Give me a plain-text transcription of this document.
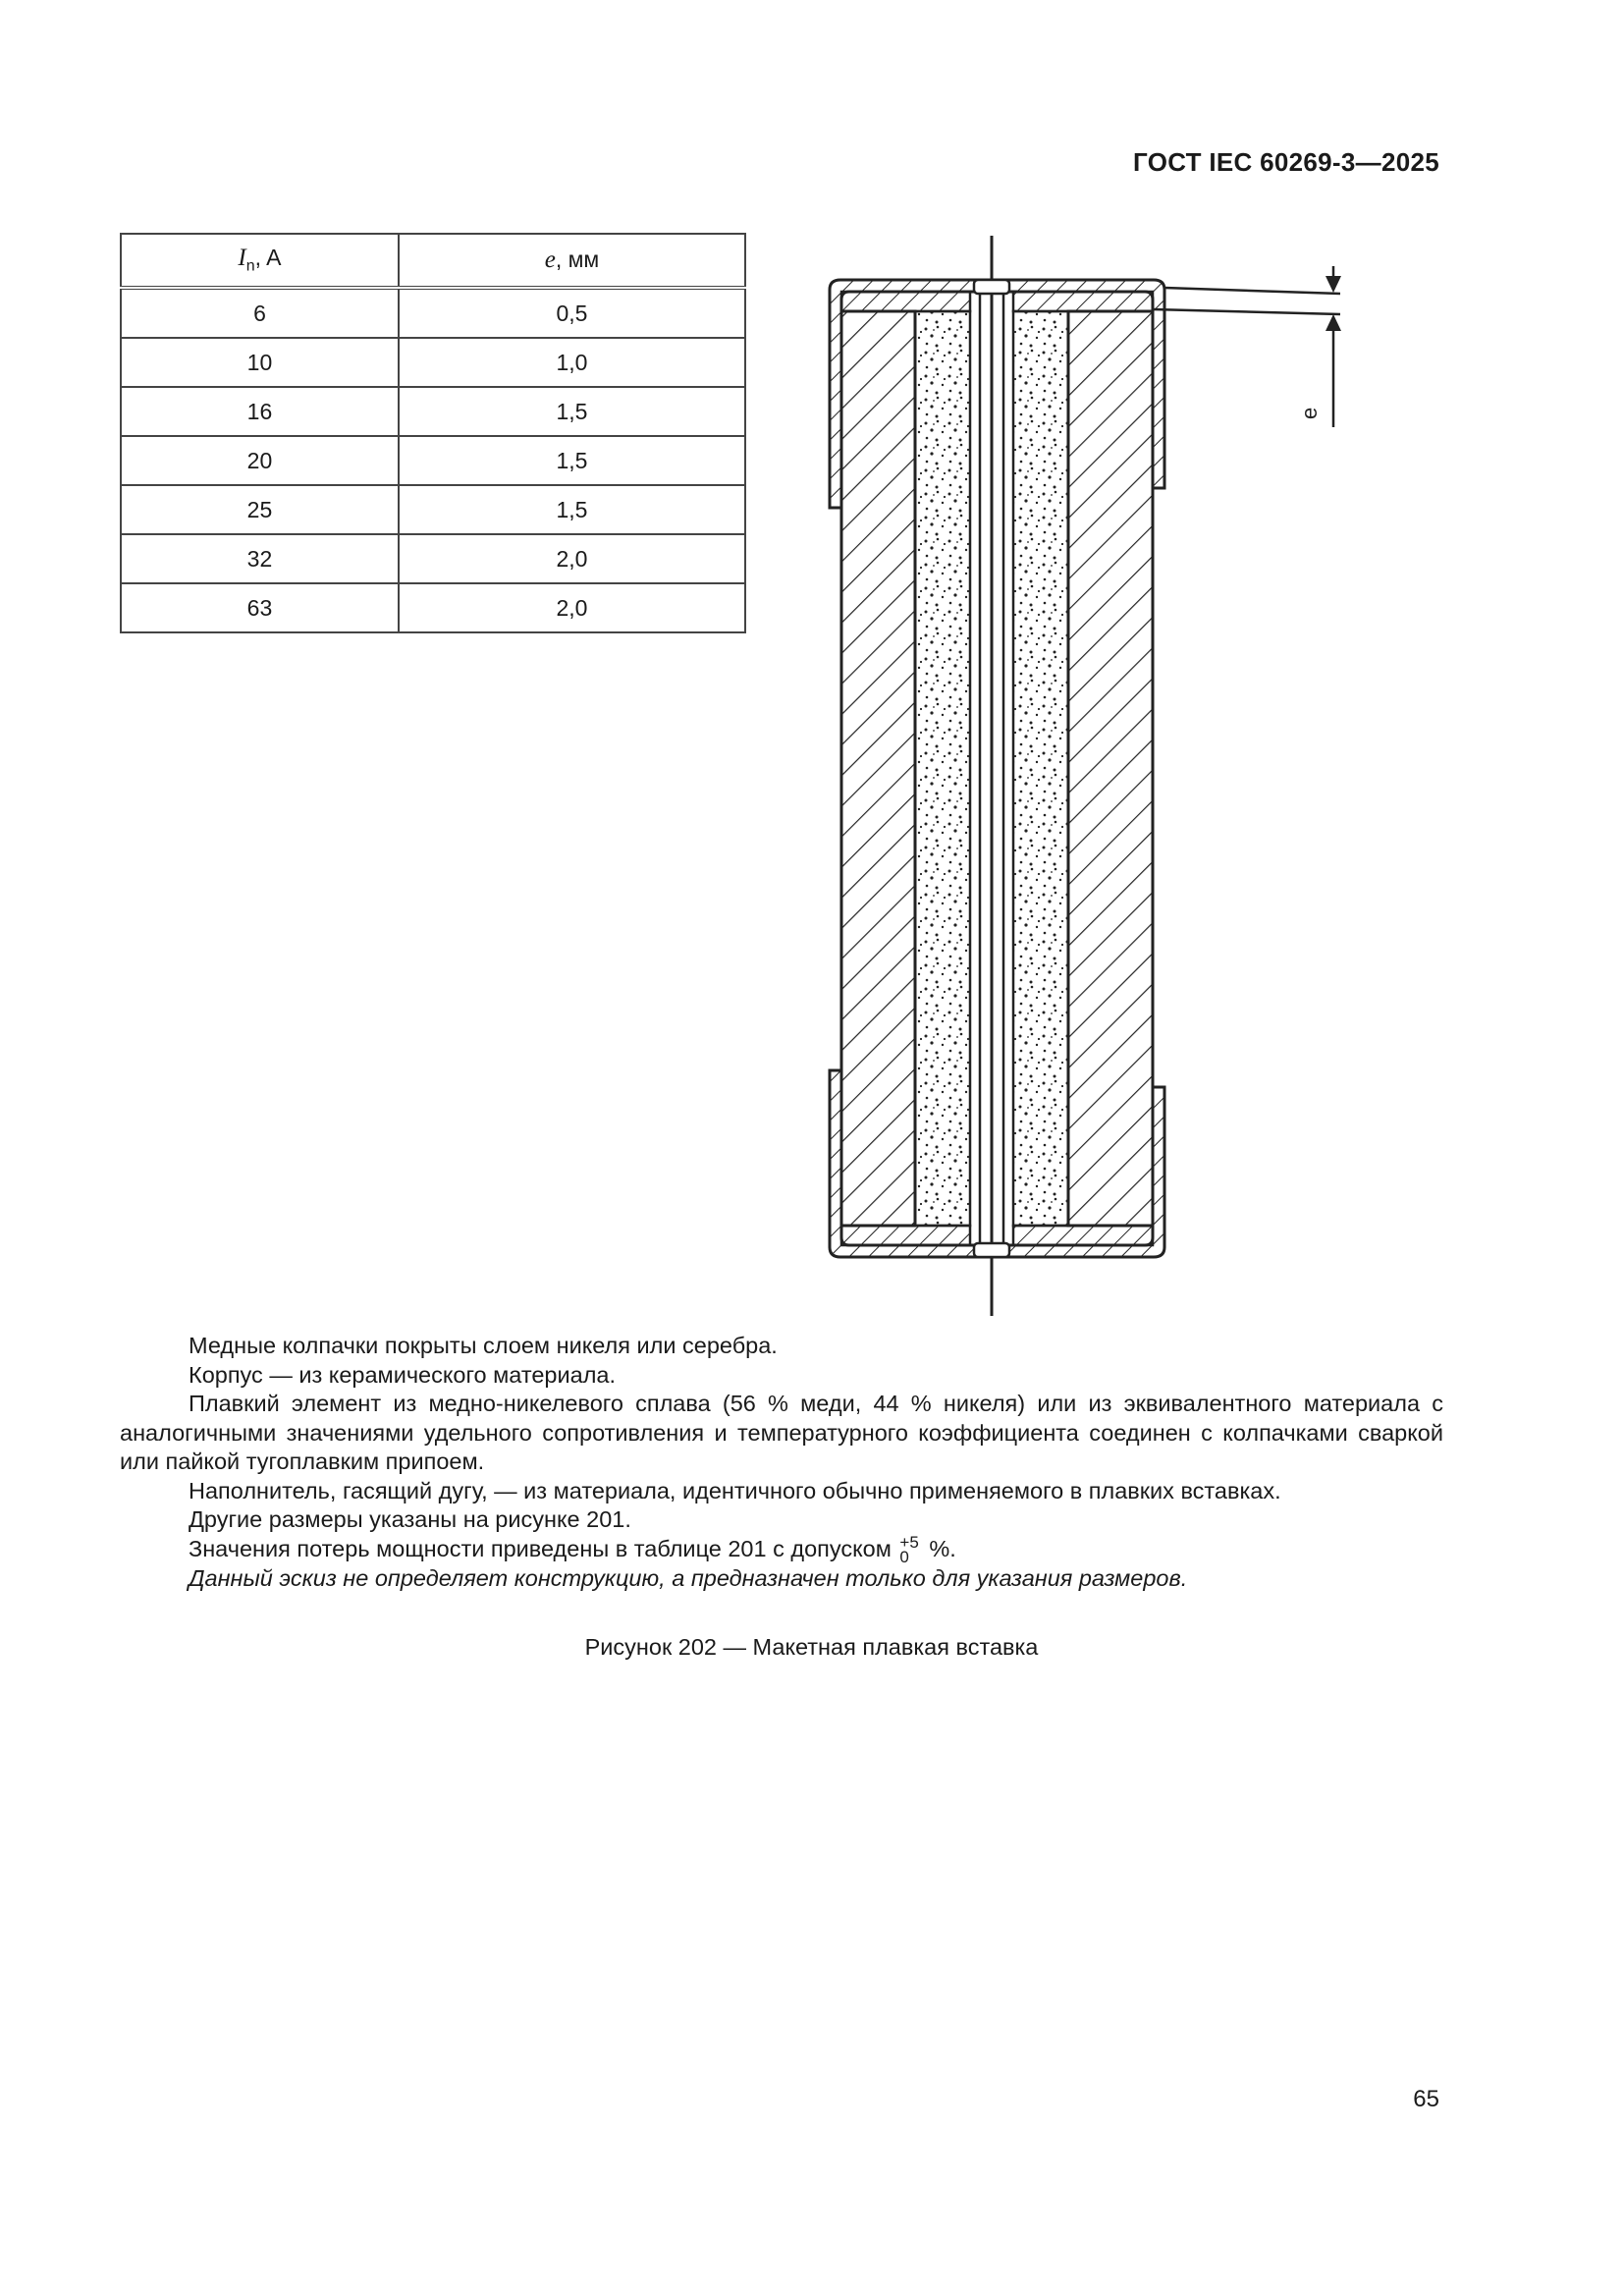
ГОСТ IEC 60269-3—2025
$I_n$, A	e, мм
6	0,5
10	1,0
16	1,5
20	1,5
25	1,5
32	2,0
63	2,0
e

Медные колпачки покрыты слоем никеля или серебра.

Корпус — из керамического материала.

Плавкий элемент из медно-никелевого сплава (56 % меди, 44 % никеля) или из эквивалентного материала с аналогичными значениями удельного сопротивления и температурного коэффициента соединен с колпачками сваркой или пайкой тугоплавким припоем.

Наполнитель, гасящий дугу, — из материала, идентичного обычно применяемого в плавких вставках.

Другие размеры указаны на рисунке 201.

Значения потерь мощности приведены в таблице 201 с допуском +5
0 %.

Данный эскиз не определяет конструкцию, а предназначен только для указания размеров.

Рисунок 202 — Макетная плавкая вставка
65
